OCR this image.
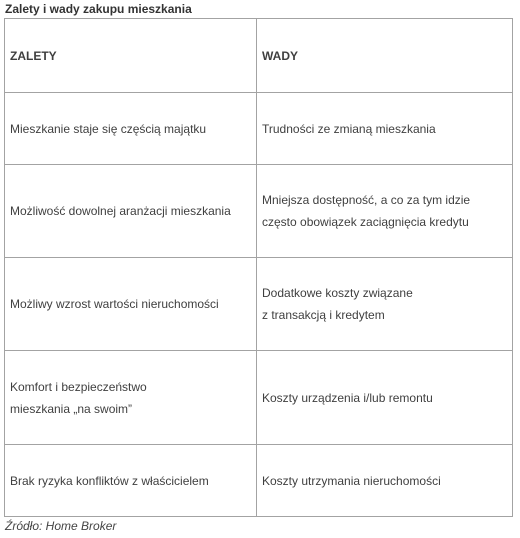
Zalety i wady zakupu mieszkania
ZALETY	WADY

Mieszkanie staje się częścią majątku	Trudności ze zmianą mieszkania

Możliwość dowolnej aranżacji mieszkania	Mniejsza dostępność, a co za tym idzie
często obowiązek zaciągnięcia kredytu

Możliwy wzrost wartości nieruchomości	Dodatkowe koszty związane
z transakcją i kredytem

Komfort i bezpieczeństwo
mieszkania „na swoim”	Koszty urządzenia i/lub remontu

Brak ryzyka konfliktów z właścicielem	Koszty utrzymania nieruchomości
Źródło: Home Broker
